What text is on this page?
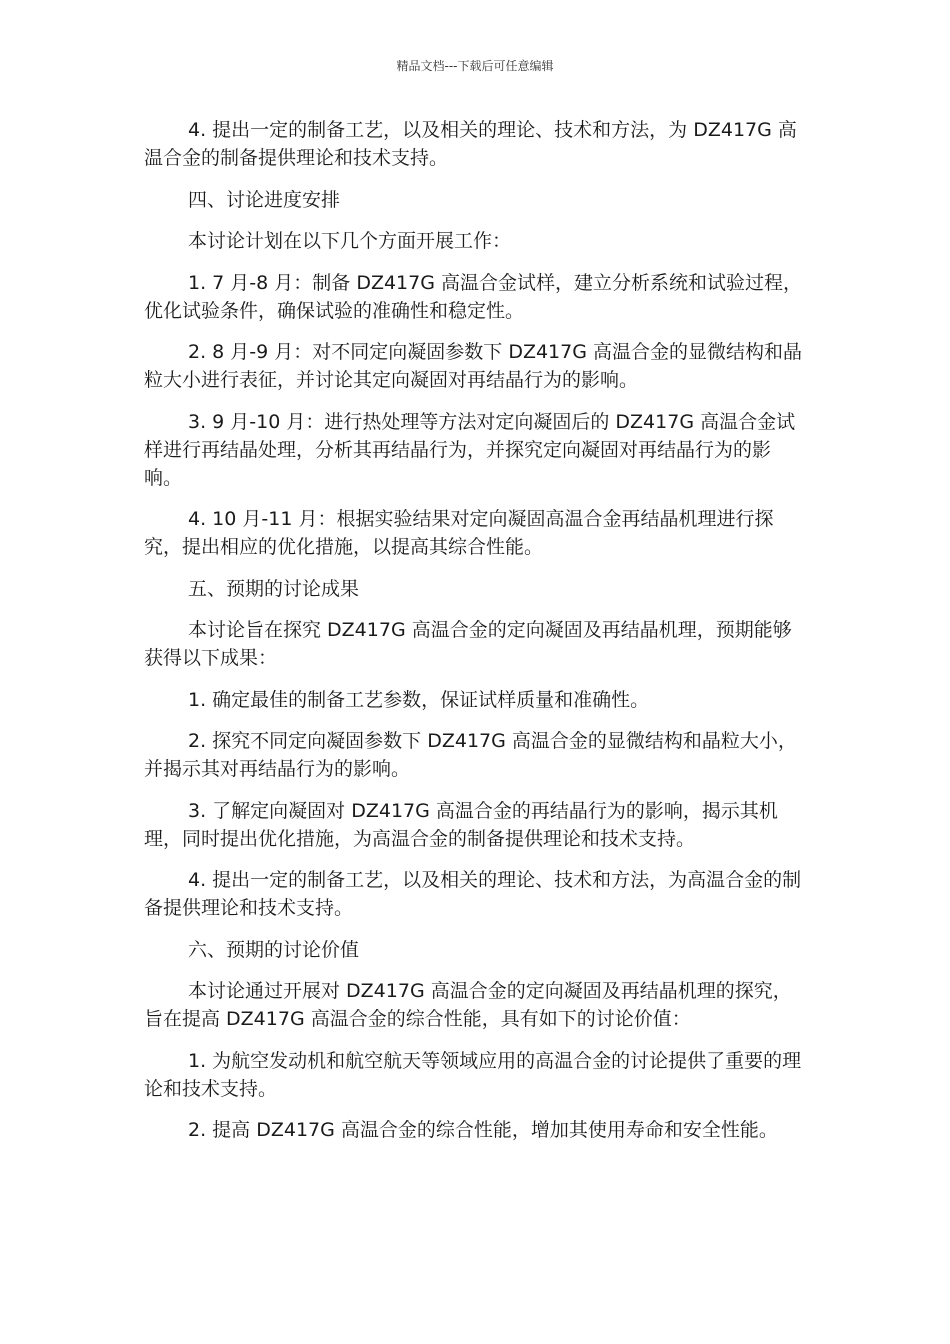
精品文档---下载后可任意编辑

4. 提出一定的制备工艺，以及相关的理论、技术和方法，为 DZ417G 高温合金的制备提供理论和技术支持。

四、讨论进度安排

本讨论计划在以下几个方面开展工作：

1. 7 月-8 月：制备 DZ417G 高温合金试样，建立分析系统和试验过程，优化试验条件，确保试验的准确性和稳定性。

2. 8 月-9 月：对不同定向凝固参数下 DZ417G 高温合金的显微结构和晶粒大小进行表征，并讨论其定向凝固对再结晶行为的影响。

3. 9 月-10 月：进行热处理等方法对定向凝固后的 DZ417G 高温合金试样进行再结晶处理，分析其再结晶行为，并探究定向凝固对再结晶行为的影响。

4. 10 月-11 月：根据实验结果对定向凝固高温合金再结晶机理进行探究，提出相应的优化措施，以提高其综合性能。

五、预期的讨论成果

本讨论旨在探究 DZ417G 高温合金的定向凝固及再结晶机理，预期能够获得以下成果：

1. 确定最佳的制备工艺参数，保证试样质量和准确性。

2. 探究不同定向凝固参数下 DZ417G 高温合金的显微结构和晶粒大小，并揭示其对再结晶行为的影响。

3. 了解定向凝固对 DZ417G 高温合金的再结晶行为的影响，揭示其机理，同时提出优化措施，为高温合金的制备提供理论和技术支持。

4. 提出一定的制备工艺，以及相关的理论、技术和方法，为高温合金的制备提供理论和技术支持。

六、预期的讨论价值

本讨论通过开展对 DZ417G 高温合金的定向凝固及再结晶机理的探究，旨在提高 DZ417G 高温合金的综合性能，具有如下的讨论价值：

1. 为航空发动机和航空航天等领域应用的高温合金的讨论提供了重要的理论和技术支持。

2. 提高 DZ417G 高温合金的综合性能，增加其使用寿命和安全性能。
